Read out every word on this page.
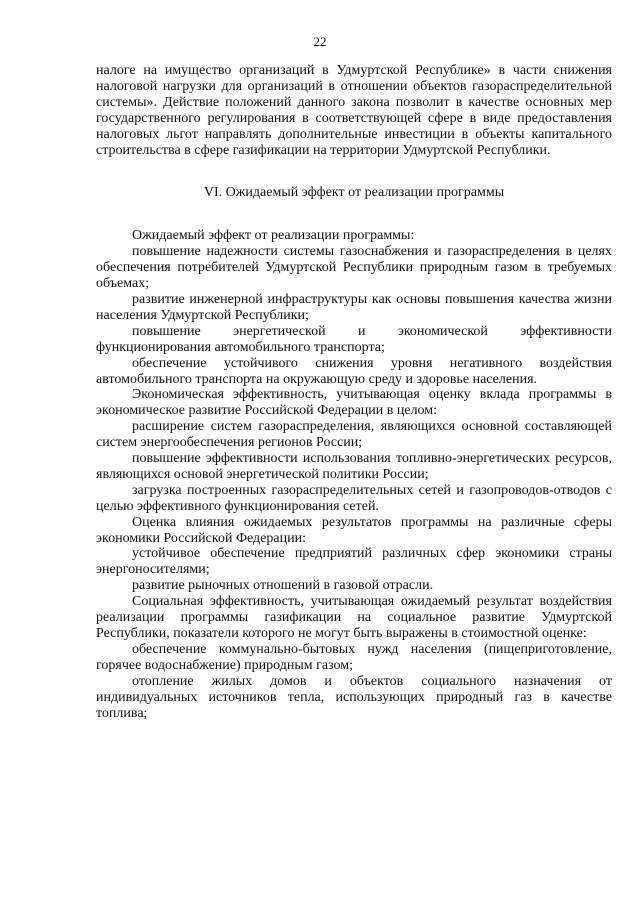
22

налоге на имущество организаций в Удмуртской Республике» в части снижения налоговой нагрузки для организаций в отношении объектов газораспределительной системы». Действие положений данного закона позволит в качестве основных мер государственного регулирования в соответствующей сфере в виде предоставления налоговых льгот направлять дополнительные инвестиции в объекты капитального строительства в сфере газификации на территории Удмуртской Республики.

VI. Ожидаемый эффект от реализации программы

Ожидаемый эффект от реализации программы:

повышение надежности системы газоснабжения и газораспределения в целях обеспечения потребителей Удмуртской Республики природным газом в требуемых объемах;

развитие инженерной инфраструктуры как основы повышения качества жизни населения Удмуртской Республики;

повышение энергетической и экономической эффективности функционирования автомобильного транспорта;

обеспечение устойчивого снижения уровня негативного воздействия автомобильного транспорта на окружающую среду и здоровье населения.

Экономическая эффективность, учитывающая оценку вклада программы в экономическое развитие Российской Федерации в целом:

расширение систем газораспределения, являющихся основной составляющей систем энергообеспечения регионов России;

повышение эффективности использования топливно-энергетических ресурсов, являющихся основой энергетической политики России;

загрузка построенных газораспределительных сетей и газопроводов-отводов с целью эффективного функционирования сетей.

Оценка влияния ожидаемых результатов программы на различные сферы экономики Российской Федерации:

устойчивое обеспечение предприятий различных сфер экономики страны энергоносителями;

развитие рыночных отношений в газовой отрасли.

Социальная эффективность, учитывающая ожидаемый результат воздействия реализации программы газификации на социальное развитие Удмуртской Республики, показатели которого не могут быть выражены в стоимостной оценке:

обеспечение коммунально-бытовых нужд населения (пищеприготовление, горячее водоснабжение) природным газом;

отопление жилых домов и объектов социального назначения от индивидуальных источников тепла, использующих природный газ в качестве топлива;
